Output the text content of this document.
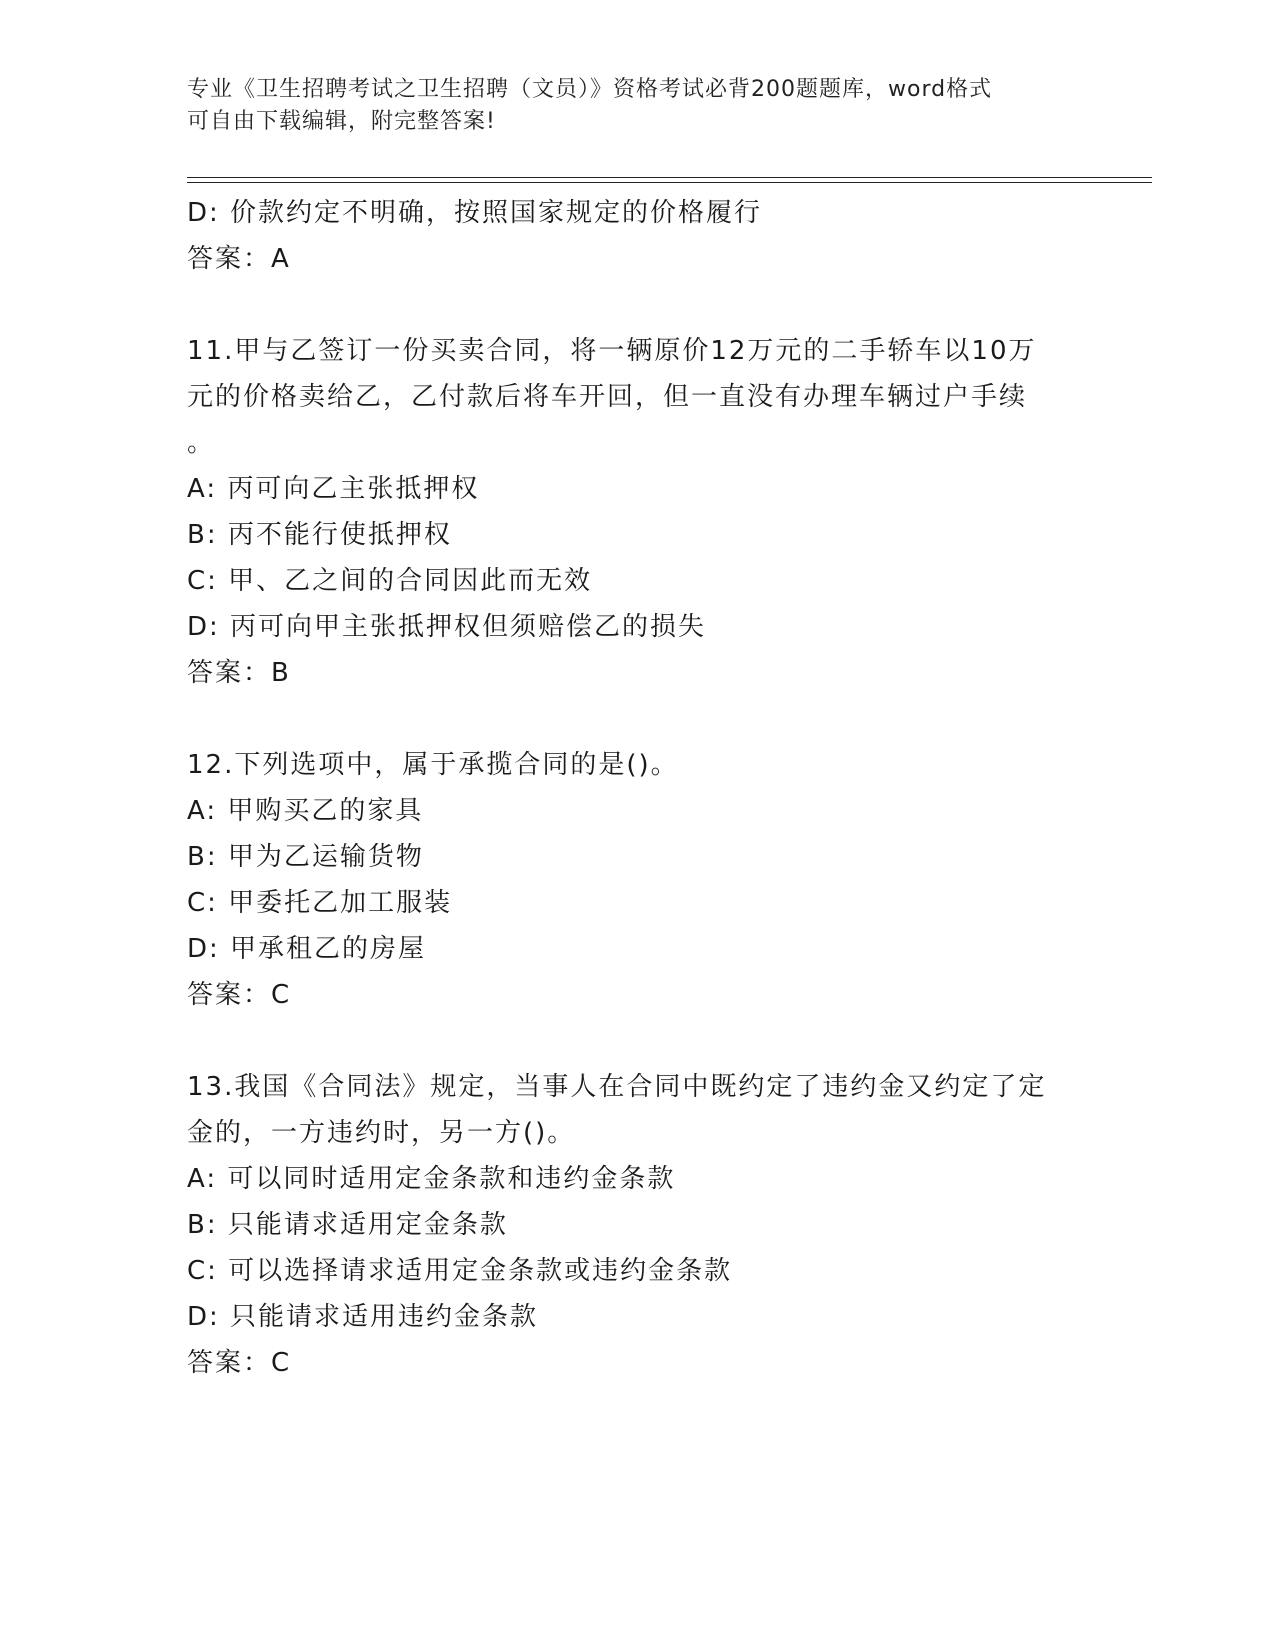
专业《卫生招聘考试之卫生招聘（文员）》资格考试必背200题题库，word格式
可自由下载编辑，附完整答案!
D: 价款约定不明确，按照国家规定的价格履行
答案：A
11.甲与乙签订一份买卖合同，将一辆原价12万元的二手轿车以10万
元的价格卖给乙，乙付款后将车开回，但一直没有办理车辆过户手续
。
A: 丙可向乙主张抵押权
B: 丙不能行使抵押权
C: 甲、乙之间的合同因此而无效
D: 丙可向甲主张抵押权但须赔偿乙的损失
答案：B
12.下列选项中，属于承揽合同的是()。
A: 甲购买乙的家具
B: 甲为乙运输货物
C: 甲委托乙加工服装
D: 甲承租乙的房屋
答案：C
13.我国《合同法》规定，当事人在合同中既约定了违约金又约定了定
金的，一方违约时，另一方()。
A: 可以同时适用定金条款和违约金条款
B: 只能请求适用定金条款
C: 可以选择请求适用定金条款或违约金条款
D: 只能请求适用违约金条款
答案：C
